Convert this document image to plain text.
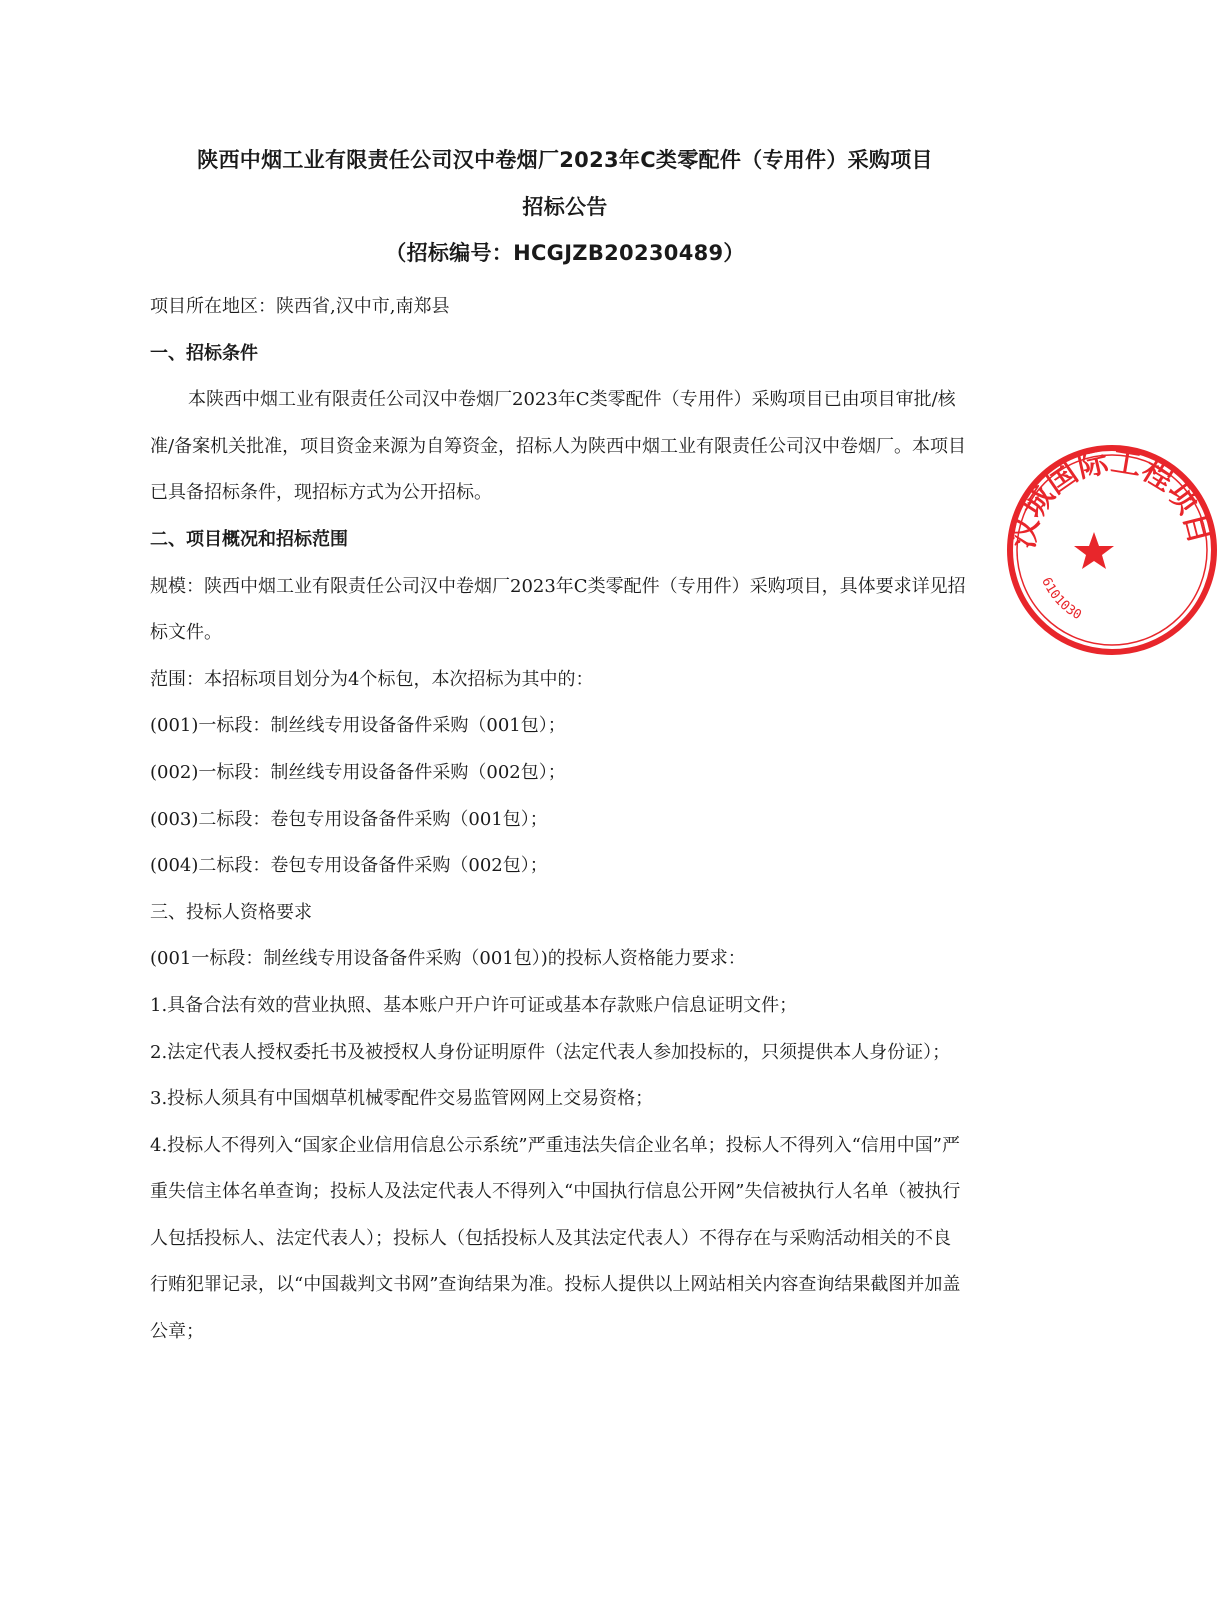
陕西中烟工业有限责任公司汉中卷烟厂2023年C类零配件（专用件）采购项目
招标公告
（招标编号：HCGJZB20230489）

项目所在地区：陕西省,汉中市,南郑县

一、招标条件

本陕西中烟工业有限责任公司汉中卷烟厂2023年C类零配件（专用件）采购项目已由项目审批/核准/备案机关批准，项目资金来源为自筹资金，招标人为陕西中烟工业有限责任公司汉中卷烟厂。本项目已具备招标条件，现招标方式为公开招标。

二、项目概况和招标范围

规模：陕西中烟工业有限责任公司汉中卷烟厂2023年C类零配件（专用件）采购项目，具体要求详见招标文件。

范围：本招标项目划分为4个标包，本次招标为其中的：

(001)一标段：制丝线专用设备备件采购（001包）；

(002)一标段：制丝线专用设备备件采购（002包）；

(003)二标段：卷包专用设备备件采购（001包）；

(004)二标段：卷包专用设备备件采购（002包）；

三、投标人资格要求

(001一标段：制丝线专用设备备件采购（001包）)的投标人资格能力要求：

1.具备合法有效的营业执照、基本账户开户许可证或基本存款账户信息证明文件；

2.法定代表人授权委托书及被授权人身份证明原件（法定代表人参加投标的，只须提供本人身份证）；

3.投标人须具有中国烟草机械零配件交易监管网网上交易资格；

4.投标人不得列入“国家企业信用信息公示系统”严重违法失信企业名单；投标人不得列入“信用中国”严重失信主体名单查询；投标人及法定代表人不得列入“中国执行信息公开网”失信被执行人名单（被执行人包括投标人、法定代表人）；投标人（包括投标人及其法定代表人）不得存在与采购活动相关的不良行贿犯罪记录，以“中国裁判文书网”查询结果为准。投标人提供以上网站相关内容查询结果截图并加盖公章；

汉城国际工程项目
6101030
